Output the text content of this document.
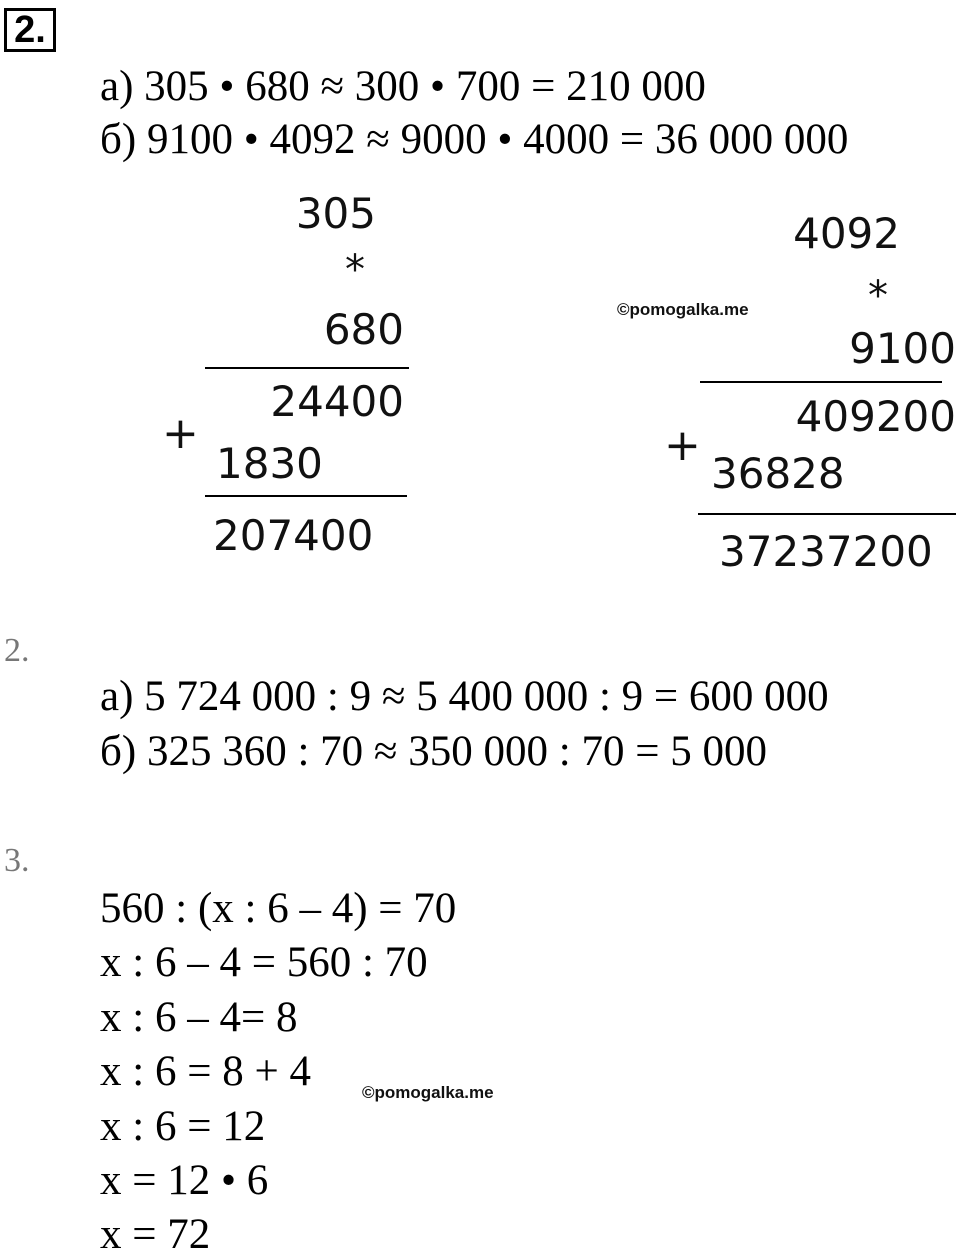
2.
а) 305 • 680 ≈ 300 • 700 = 210 000
б) 9100 • 4092 ≈ 9000 • 4000 = 36 000 000
305
*
680
24400
+
1830
207400
©pomogalka.me
4092
*
9100
409200
+
36828
37237200
2.
а) 5 724 000 : 9 ≈ 5 400 000 : 9 = 600 000
б) 325 360 : 70 ≈ 350 000 : 70 = 5 000
3.
560 : (x : 6 – 4) = 70
x : 6 – 4 = 560 : 70
x : 6 – 4= 8
x : 6 = 8 + 4
x : 6 = 12
x = 12 • 6
x = 72
©pomogalka.me
